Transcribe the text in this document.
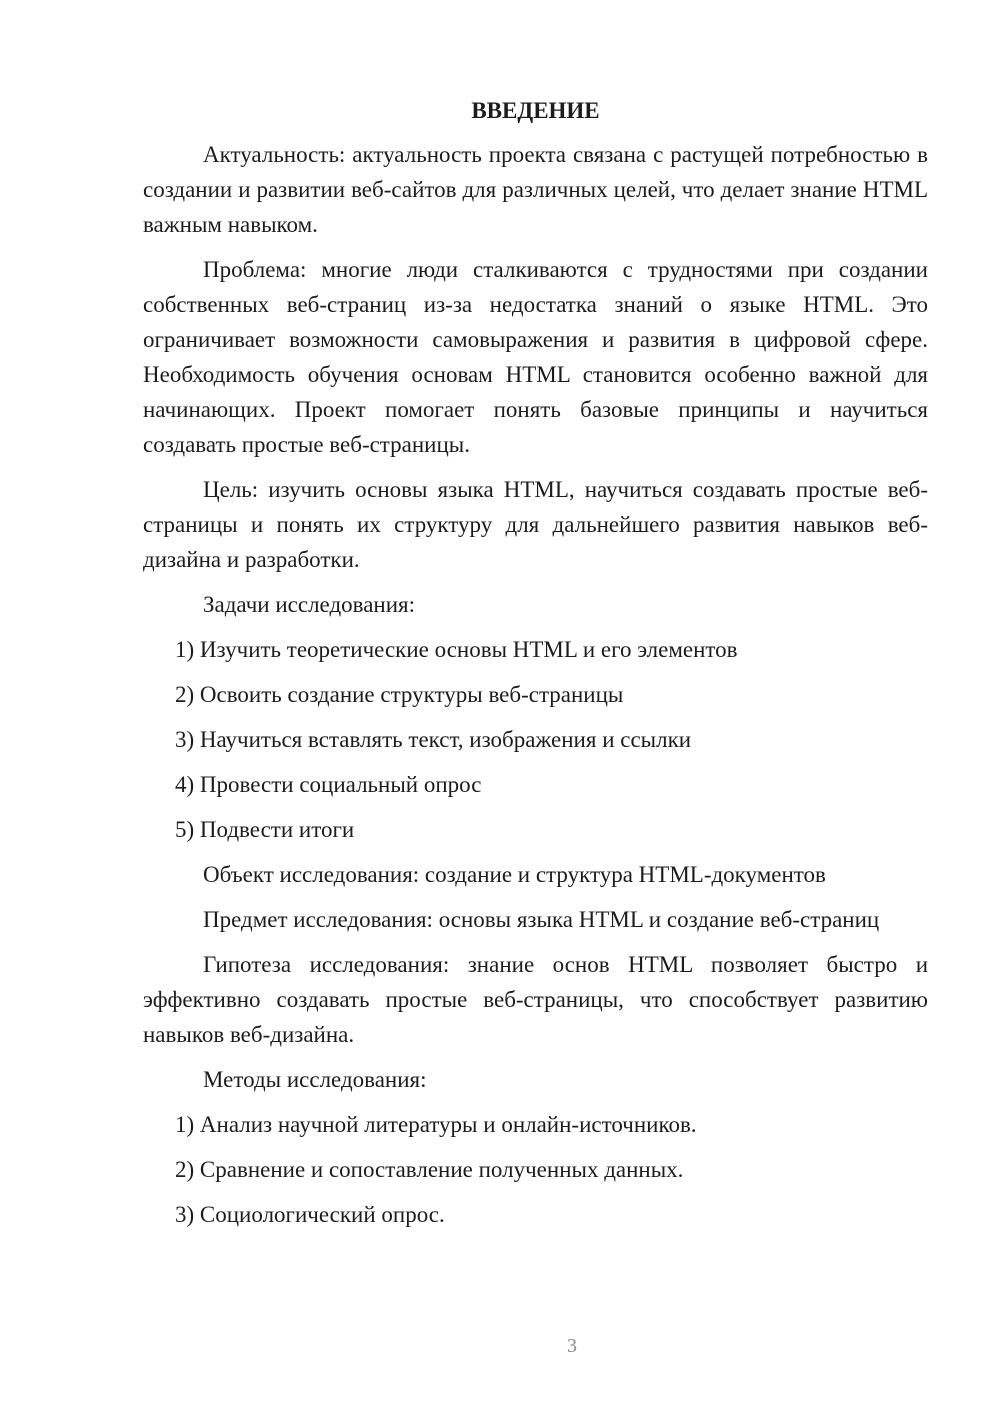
ВВЕДЕНИЕ

Актуальность: актуальность проекта связана с растущей потребностью в создании и развитии веб-сайтов для различных целей, что делает знание HTML важным навыком.

Проблема: многие люди сталкиваются с трудностями при создании собственных веб-страниц из-за недостатка знаний о языке HTML. Это ограничивает возможности самовыражения и развития в цифровой сфере. Необходимость обучения основам HTML становится особенно важной для начинающих. Проект помогает понять базовые принципы и научиться создавать простые веб-страницы.

Цель: изучить основы языка HTML, научиться создавать простые веб-страницы и понять их структуру для дальнейшего развития навыков веб-дизайна и разработки.

Задачи исследования:

1) Изучить теоретические основы HTML и его элементов
2) Освоить создание структуры веб-страницы
3) Научиться вставлять текст, изображения и ссылки
4) Провести социальный опрос
5) Подвести итоги

Объект исследования: создание и структура HTML-документов

Предмет исследования: основы языка HTML и создание веб-страниц

Гипотеза исследования: знание основ HTML позволяет быстро и эффективно создавать простые веб-страницы, что способствует развитию навыков веб-дизайна.

Методы исследования:

1) Анализ научной литературы и онлайн-источников.
2) Сравнение и сопоставление полученных данных.
3) Социологический опрос.
3
